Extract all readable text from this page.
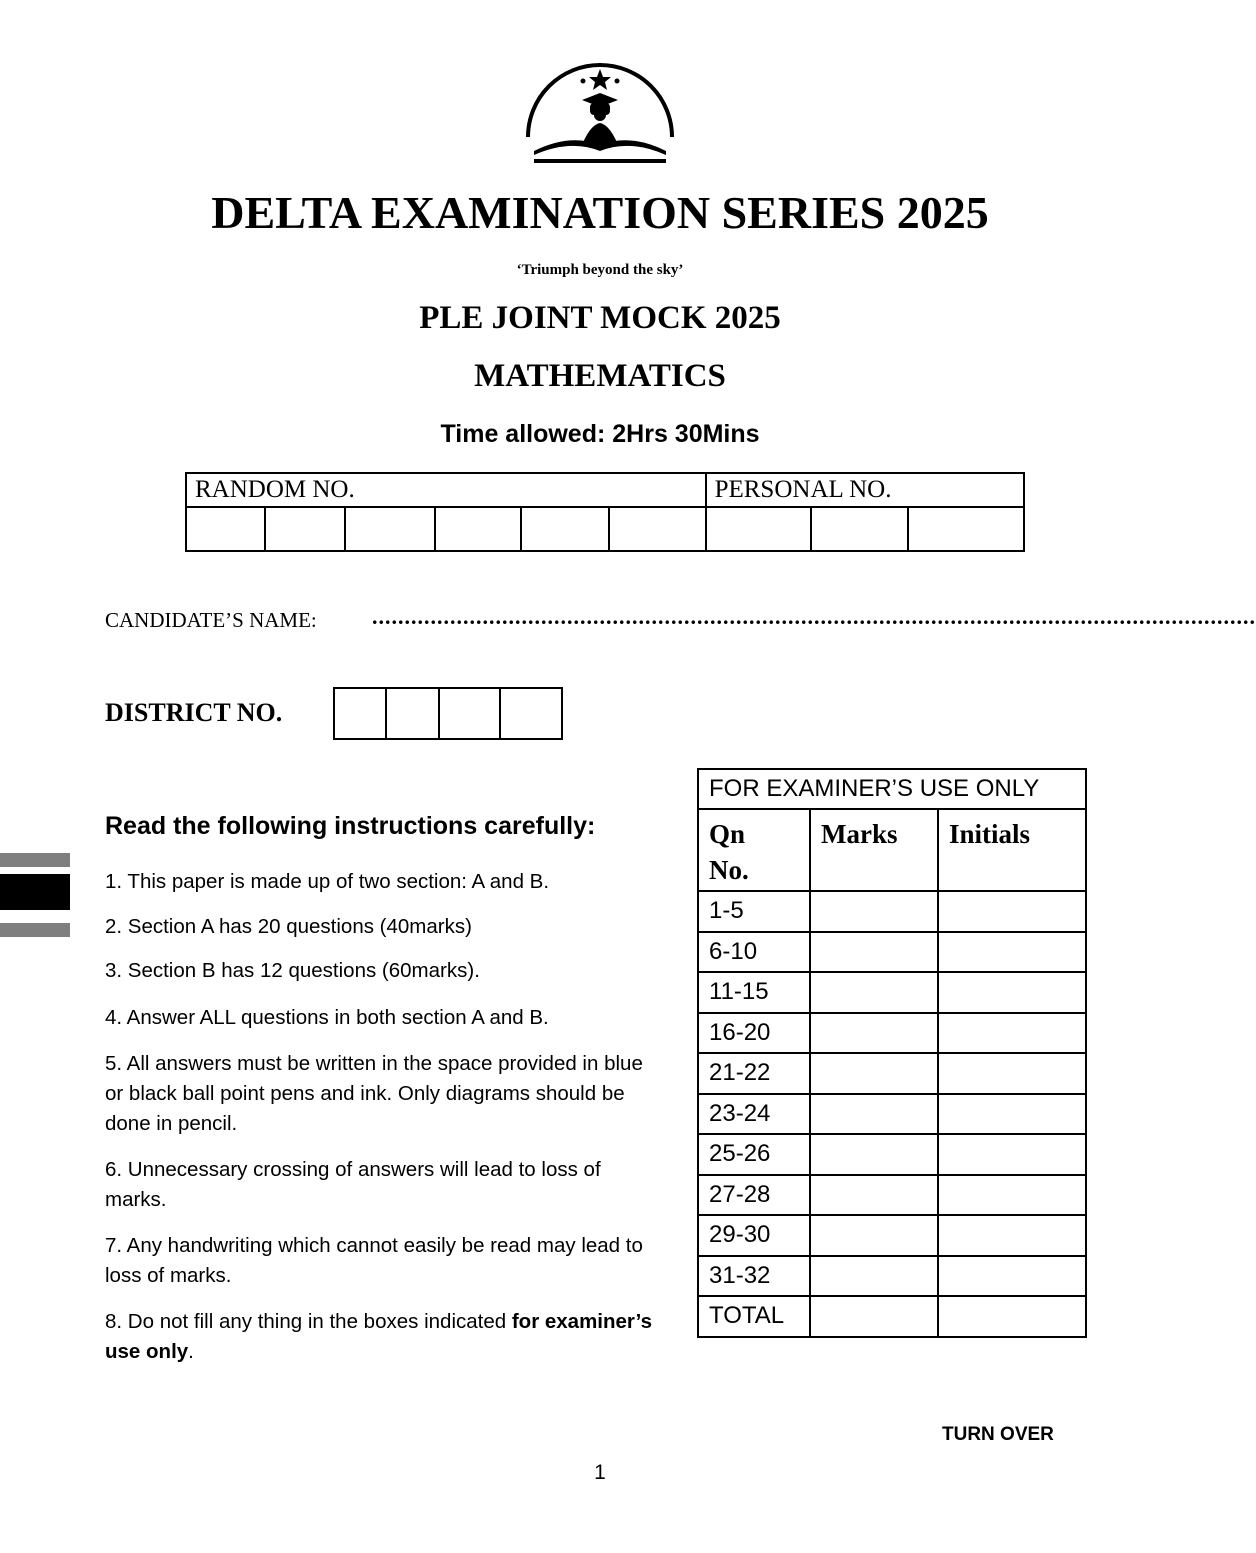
DELTA EXAMINATION SERIES 2025
‘Triumph beyond the sky’
PLE JOINT MOCK 2025
MATHEMATICS
Time allowed: 2Hrs 30Mins
RANDOM NO.						PERSONAL NO.		

CANDIDATE’S NAME:	........................................................................................................................................
DISTRICT NO.

Read the following instructions carefully:
1. This paper is made up of two section: A and B.
2. Section A has 20 questions (40marks)
3. Section B has 12 questions (60marks).
4. Answer ALL questions in both section A and B.
5. All answers must be written in the space provided in blue or black ball point pens and ink. Only diagrams should be done in pencil.
6. Unnecessary crossing of answers will lead to loss of marks.
7. Any handwriting which cannot easily be read may lead to loss of marks.
8. Do not fill any thing in the boxes indicated for examiner’s use only.
FOR EXAMINER’S USE ONLY		
Qn
No.	Marks	Initials
1-5		
6-10		
11-15		
16-20		
21-22		
23-24		
25-26		
27-28		
29-30		
31-32		
TOTAL		
TURN OVER
1
